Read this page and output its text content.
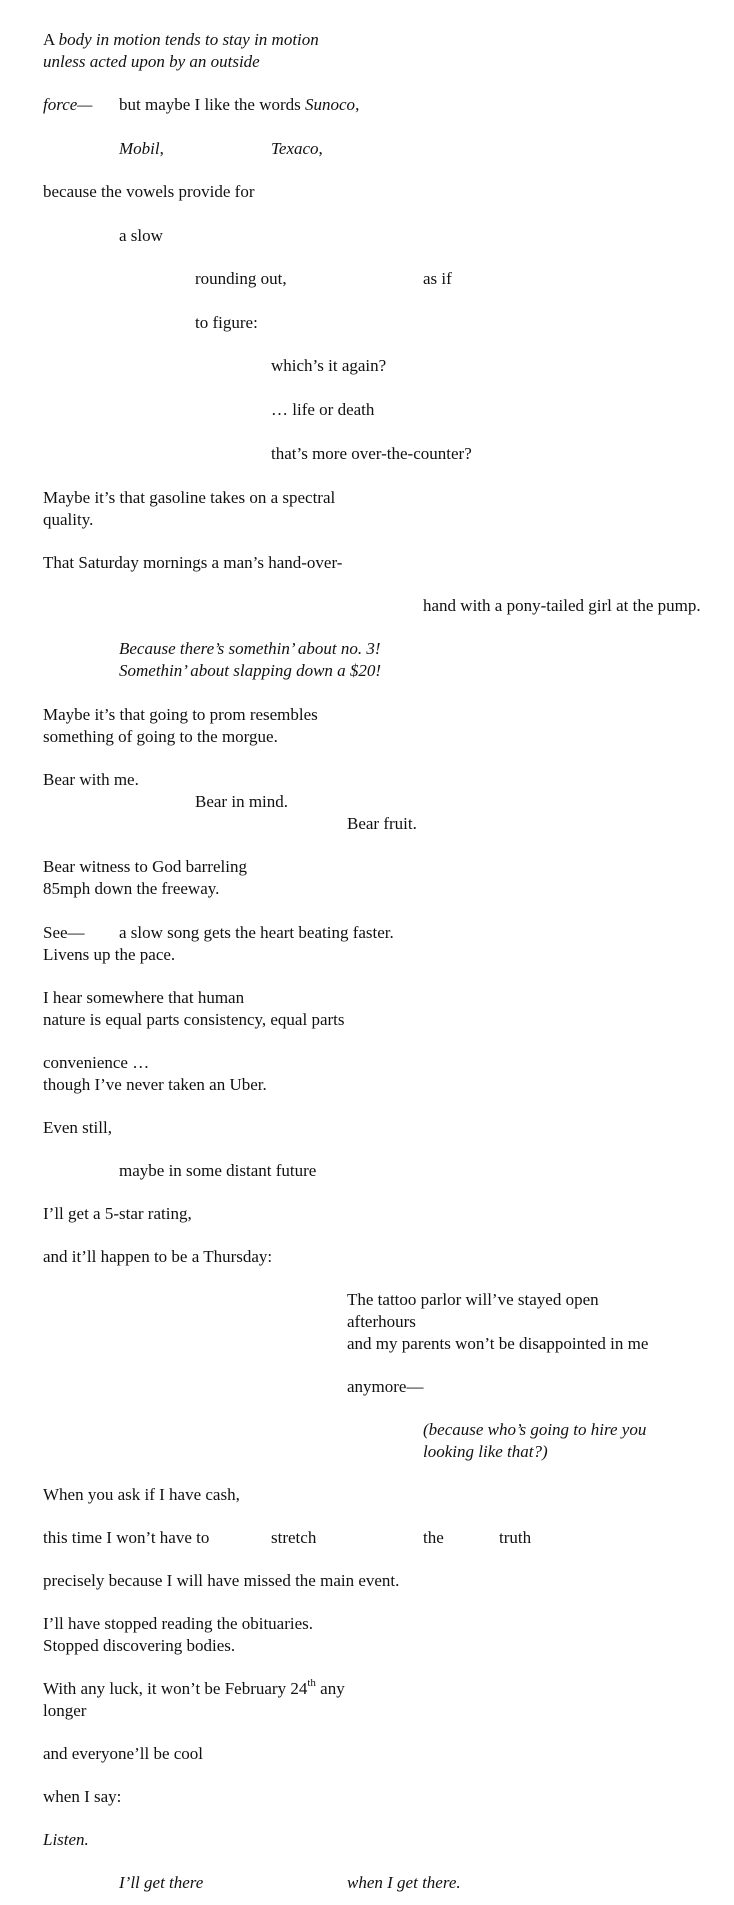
A body in motion tends to stay in motion
unless acted upon by an outside
force— but maybe I like the words Sunoco,
Mobil,	Texaco,
because the vowels provide for
a slow
rounding out,	as if
to figure:
which’s it again?
… life or death
that’s more over-the-counter?
Maybe it’s that gasoline takes on a spectral
quality.
That Saturday mornings a man’s hand-over-
hand with a pony-tailed girl at the pump.
Because there’s somethin’ about no. 3!
Somethin’ about slapping down a $20!
Maybe it’s that going to prom resembles
something of going to the morgue.
Bear with me.
Bear in mind.
Bear fruit.
Bear witness to God barreling
85mph down the freeway.
See— a slow song gets the heart beating faster.
Livens up the pace.
I hear somewhere that human
nature is equal parts consistency, equal parts
convenience …
though I’ve never taken an Uber.
Even still,
maybe in some distant future
I’ll get a 5-star rating,
and it’ll happen to be a Thursday:
The tattoo parlor will’ve stayed open
afterhours
and my parents won’t be disappointed in me
anymore—
(because who’s going to hire you
looking like that?)
When you ask if I have cash,
this time I won’t have to	stretch	the	truth
precisely because I will have missed the main event.
I’ll have stopped reading the obituaries.
Stopped discovering bodies.
With any luck, it won’t be February 24th any
longer
and everyone’ll be cool
when I say:
Listen.
I’ll get there	when I get there.
